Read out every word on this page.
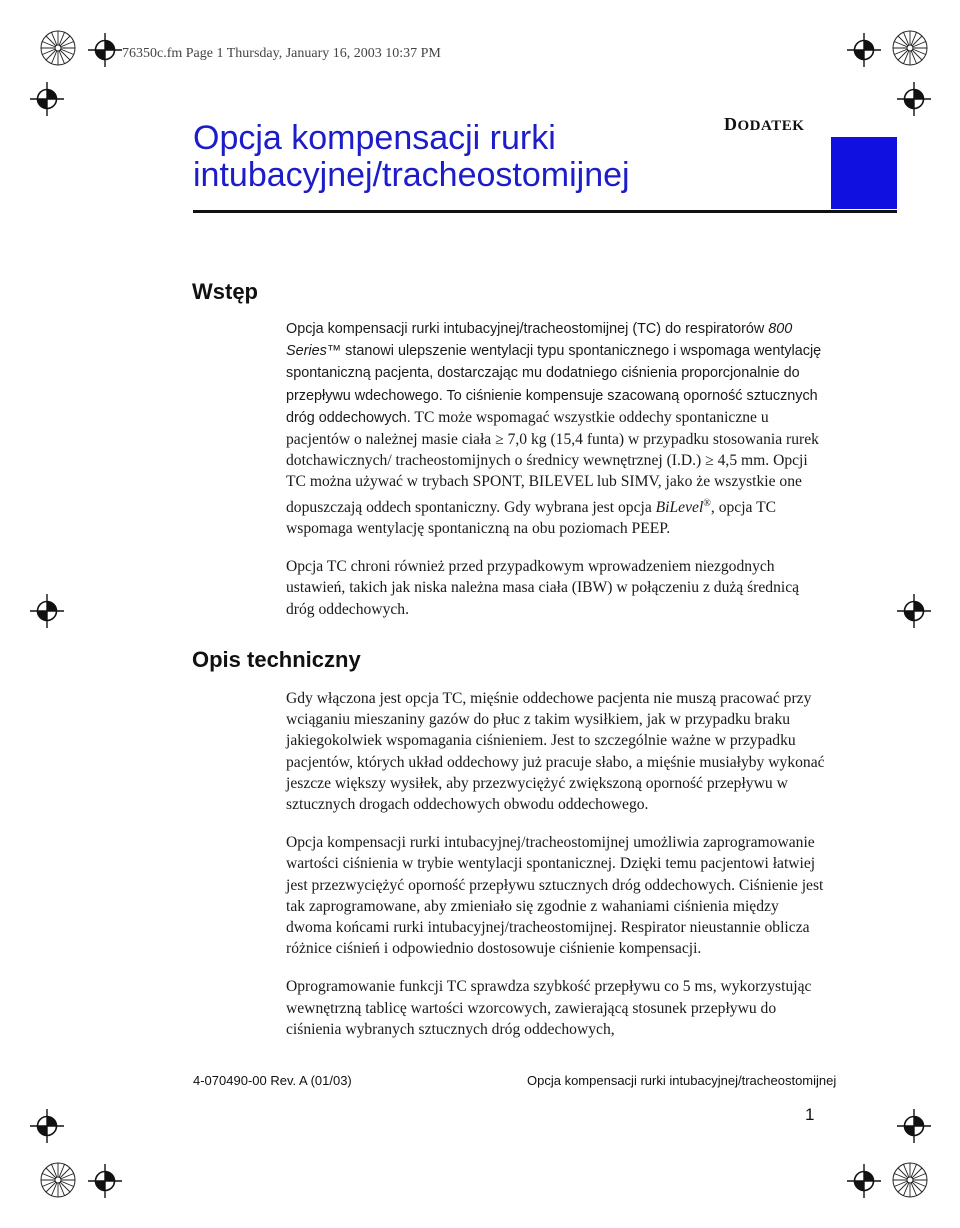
76350c.fm Page 1 Thursday, January 16, 2003 10:37 PM
DODATEK
Opcja kompensacji rurki
intubacyjnej/tracheostomijnej
Wstęp

Opcja kompensacji rurki intubacyjnej/tracheostomijnej (TC) do respiratorów 800 Series™ stanowi ulepszenie wentylacji typu spontanicznego i wspomaga wentylację spontaniczną pacjenta, dostarczając mu dodatniego ciśnienia proporcjonalnie do przepływu wdechowego. To ciśnienie kompensuje szacowaną oporność sztucznych dróg oddechowych. TC może wspomagać wszystkie oddechy spontaniczne u pacjentów o należnej masie ciała ≥ 7,0 kg (15,4 funta) w przypadku stosowania rurek dotchawicznych/ tracheostomijnych o średnicy wewnętrznej (I.D.) ≥ 4,5 mm. Opcji TC można używać w trybach SPONT, BILEVEL lub SIMV, jako że wszystkie one dopuszczają oddech spontaniczny. Gdy wybrana jest opcja BiLevel®, opcja TC wspomaga wentylację spontaniczną na obu poziomach PEEP.

Opcja TC chroni również przed przypadkowym wprowadzeniem niezgodnych ustawień, takich jak niska należna masa ciała (IBW) w połączeniu z dużą średnicą dróg oddechowych.

Opis techniczny

Gdy włączona jest opcja TC, mięśnie oddechowe pacjenta nie muszą pracować przy wciąganiu mieszaniny gazów do płuc z takim wysiłkiem, jak w przypadku braku jakiegokolwiek wspomagania ciśnieniem. Jest to szczególnie ważne w przypadku pacjentów, których układ oddechowy już pracuje słabo, a mięśnie musiałyby wykonać jeszcze większy wysiłek, aby przezwyciężyć zwiększoną oporność przepływu w sztucznych drogach oddechowych obwodu oddechowego.

Opcja kompensacji rurki intubacyjnej/tracheostomijnej umożliwia zaprogramowanie wartości ciśnienia w trybie wentylacji spontanicznej. Dzięki temu pacjentowi łatwiej jest przezwyciężyć oporność przepływu sztucznych dróg oddechowych. Ciśnienie jest tak zaprogramowane, aby zmieniało się zgodnie z wahaniami ciśnienia między dwoma końcami rurki intubacyjnej/tracheostomijnej. Respirator nieustannie oblicza różnice ciśnień i odpowiednio dostosowuje ciśnienie kompensacji.

Oprogramowanie funkcji TC sprawdza szybkość przepływu co 5 ms, wykorzystując wewnętrzną tablicę wartości wzorcowych, zawierającą stosunek przepływu do ciśnienia wybranych sztucznych dróg oddechowych,

4-070490-00 Rev. A (01/03)	Opcja kompensacji rurki intubacyjnej/tracheostomijnej
1
